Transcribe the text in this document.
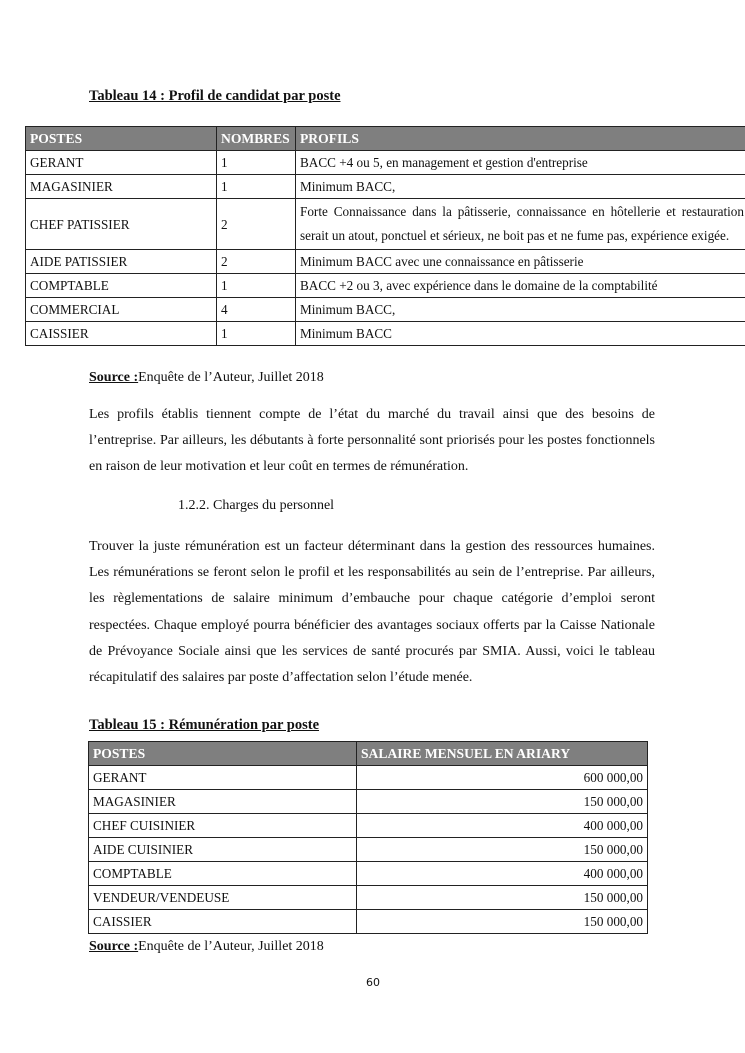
Tableau 14 : Profil de candidat par poste
POSTES	NOMBRES	PROFILS
GERANT	1	BACC +4 ou 5, en management et gestion d'entreprise
MAGASINIER	1	Minimum BACC,
CHEF PATISSIER	2	Forte Connaissance dans la pâtisserie, connaissance en hôtellerie et restauration serait un atout, ponctuel et sérieux, ne boit pas et ne fume pas, expérience exigée.
AIDE PATISSIER	2	Minimum BACC avec une connaissance en pâtisserie
COMPTABLE	1	BACC +2 ou 3, avec expérience dans le domaine de la comptabilité
COMMERCIAL	4	Minimum BACC,
CAISSIER	1	Minimum BACC
Source :Enquête de l’Auteur, Juillet 2018
Les profils établis tiennent compte de l’état du marché du travail ainsi que des besoins de l’entreprise. Par ailleurs, les débutants à forte personnalité sont priorisés pour les postes fonctionnels en raison de leur motivation et leur coût en termes de rémunération.
1.2.2. Charges du personnel
Trouver la juste rémunération est un facteur déterminant dans la gestion des ressources humaines. Les rémunérations se feront selon le profil et les responsabilités au sein de l’entreprise. Par ailleurs, les règlementations de salaire minimum d’embauche pour chaque catégorie d’emploi seront respectées. Chaque employé pourra bénéficier des avantages sociaux offerts par la Caisse Nationale de Prévoyance Sociale ainsi que les services de santé procurés par SMIA. Aussi, voici le tableau récapitulatif des salaires par poste d’affectation selon l’étude menée.
Tableau 15 : Rémunération par poste
POSTES	SALAIRE MENSUEL EN ARIARY
GERANT	600 000,00
MAGASINIER	150 000,00
CHEF CUISINIER	400 000,00
AIDE CUISINIER	150 000,00
COMPTABLE	400 000,00
VENDEUR/VENDEUSE	150 000,00
CAISSIER	150 000,00
Source :Enquête de l’Auteur, Juillet 2018
60
